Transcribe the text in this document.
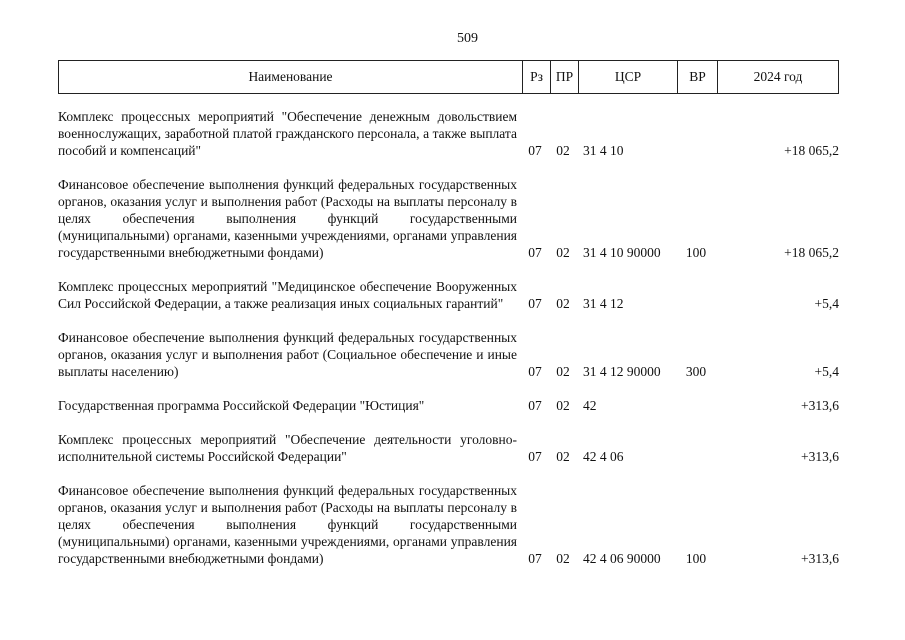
509
Наименование	Рз ПР	ЦСР	ВР	2024 год
Комплекс процессных мероприятий "Обеспечение денежным довольствием военнослужащих, заработной платой гражданского персонала, а также выплата пособий и компенсаций"	07	02 31 4 10	+18 065,2
Финансовое обеспечение выполнения функций федеральных государственных органов, оказания услуг и выполнения работ (Расходы на выплаты персоналу в целях обеспечения выполнения функций государственными (муниципальными) органами, казенными учреждениями, органами управления государственными внебюджетными фондами)	07	02 31 4 10 90000	100	+18 065,2
Комплекс процессных мероприятий "Медицинское обеспечение Вооруженных Сил Российской Федерации, а также реализация иных социальных гарантий"	07	02 31 4 12	+5,4
Финансовое обеспечение выполнения функций федеральных государственных органов, оказания услуг и выполнения работ (Социальное обеспечение и иные выплаты населению)	07	02 31 4 12 90000	300	+5,4
Государственная программа Российской Федерации "Юстиция"	07	02 42	+313,6
Комплекс процессных мероприятий "Обеспечение деятельности уголовно-исполнительной системы Российской Федерации"	07	02 42 4 06	+313,6
Финансовое обеспечение выполнения функций федеральных государственных органов, оказания услуг и выполнения работ (Расходы на выплаты персоналу в целях обеспечения выполнения функций государственными (муниципальными) органами, казенными учреждениями, органами управления государственными внебюджетными фондами)	07	02 42 4 06 90000	100	+313,6
